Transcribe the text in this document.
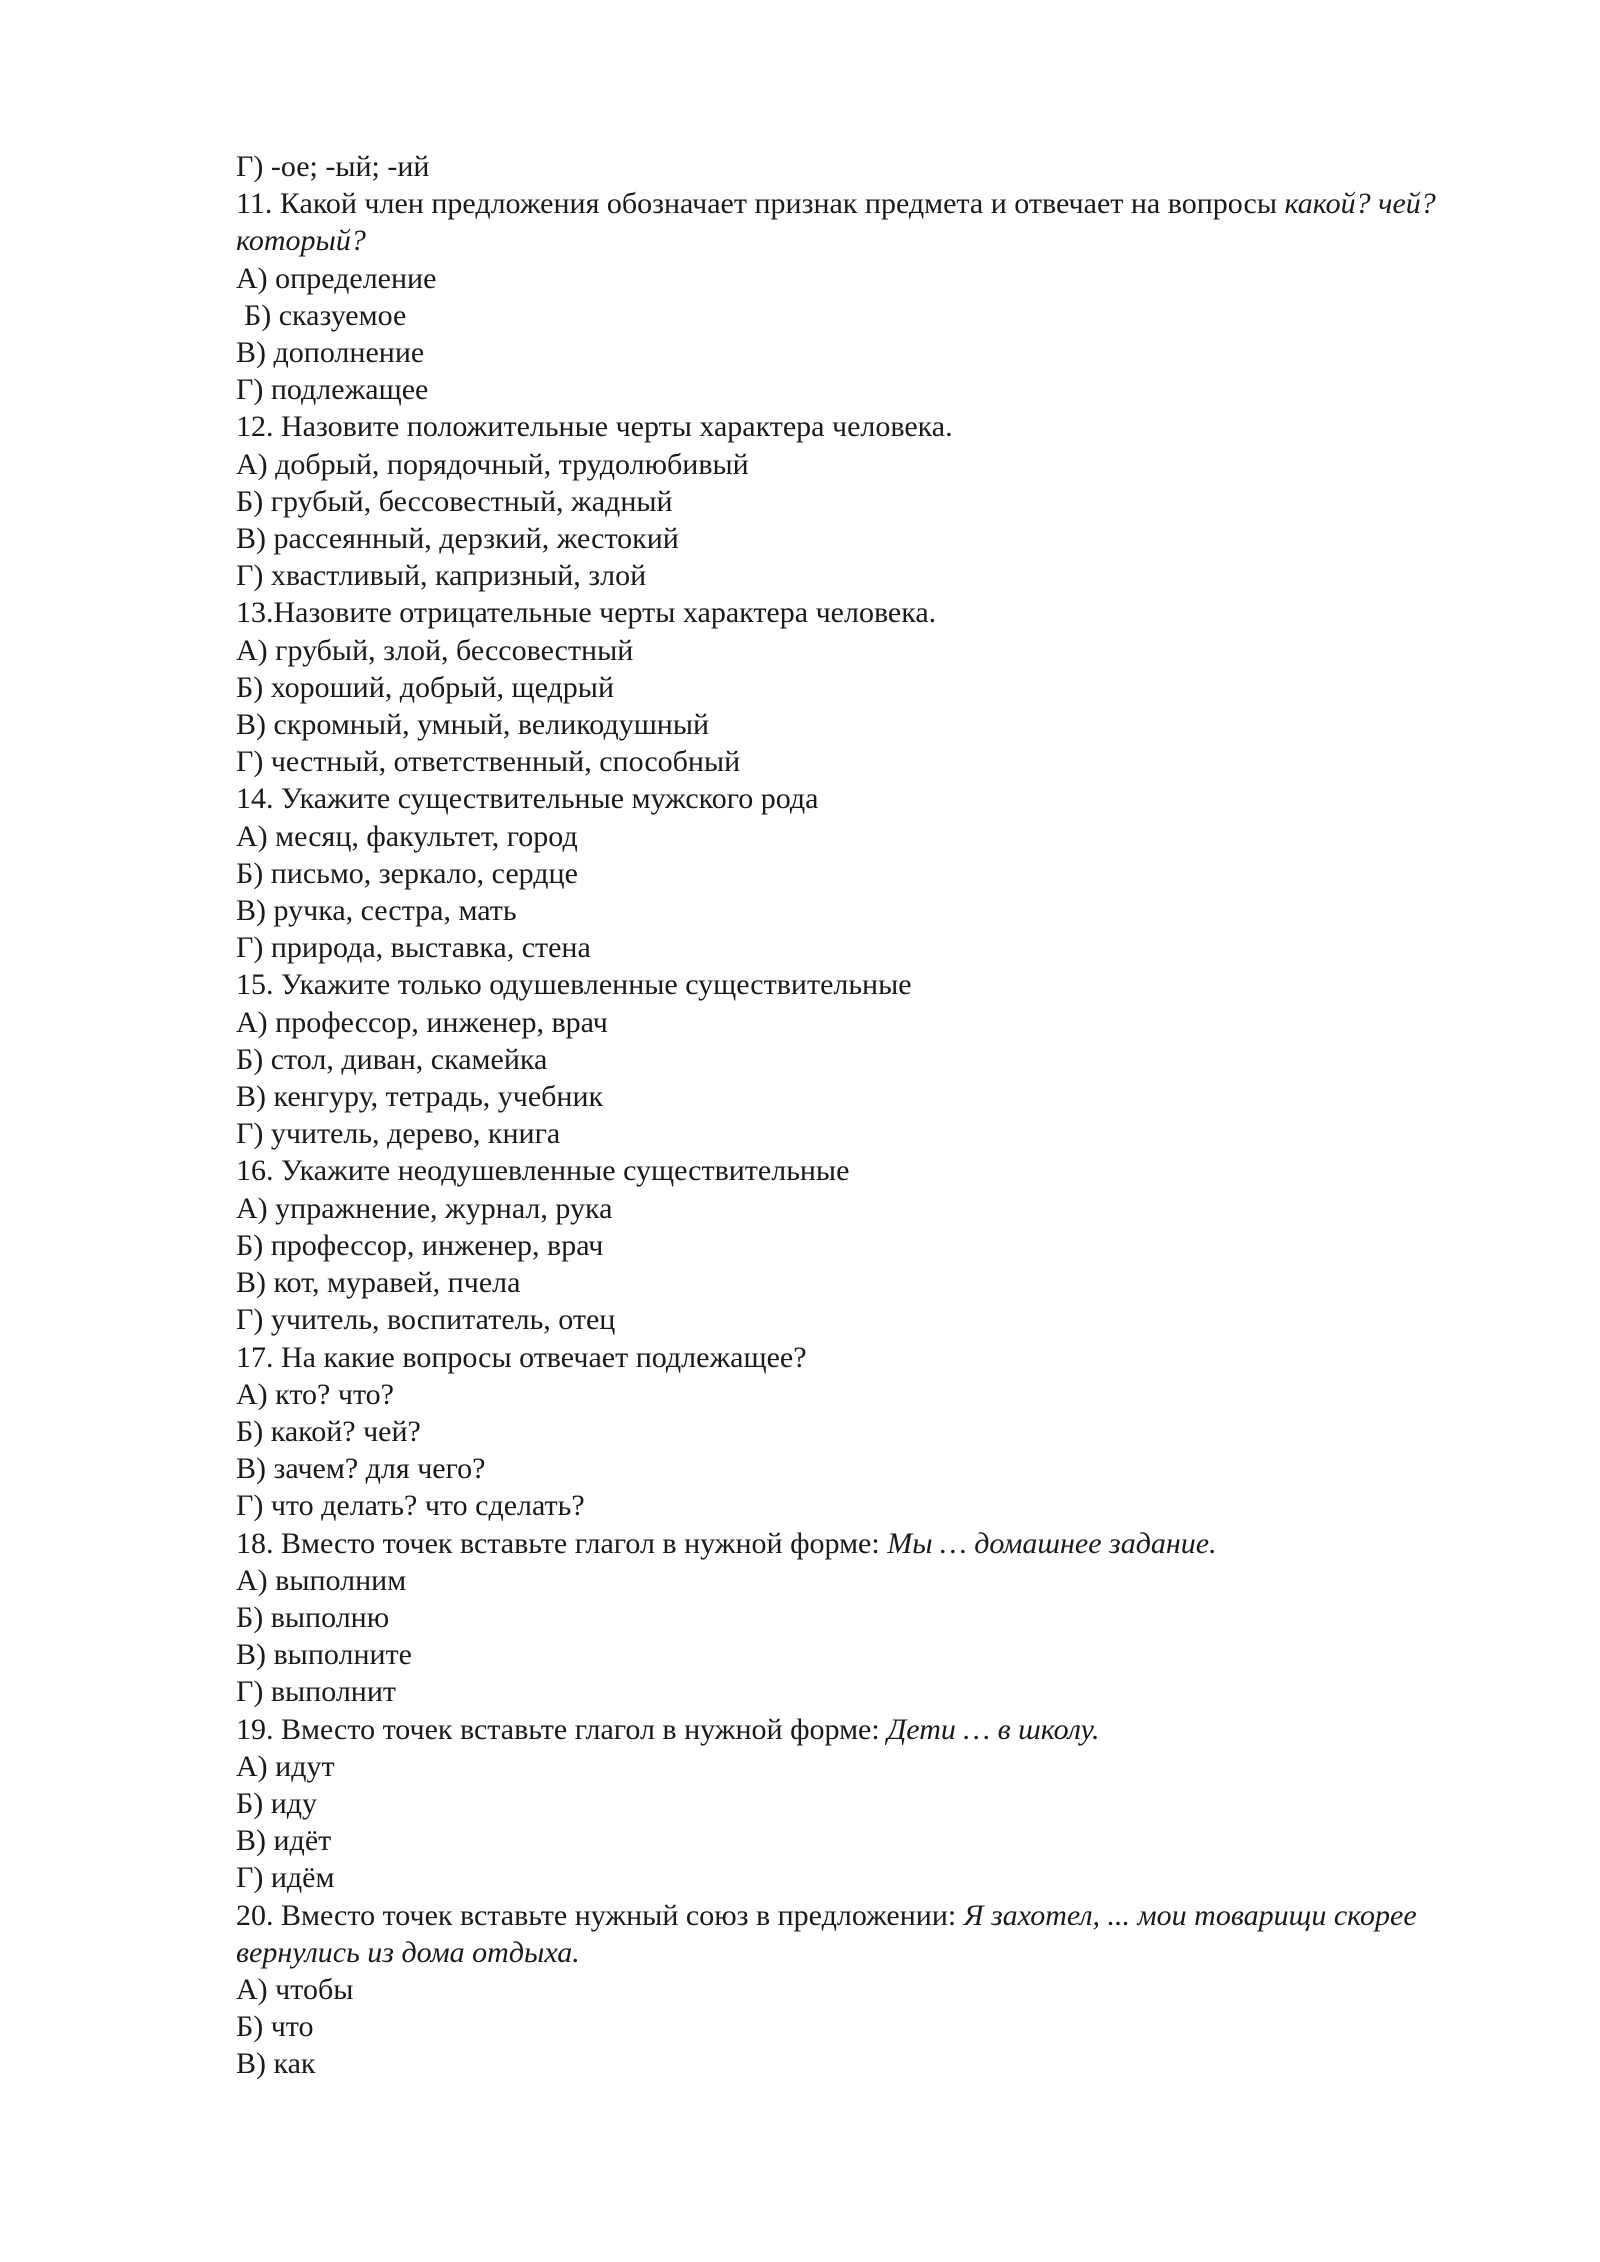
Г) -ое; -ый; -ий
11. Какой член предложения обозначает признак предмета и отвечает на вопросы какой? чей? который?
А) определение
Б) сказуемое
В) дополнение
Г) подлежащее
12. Назовите положительные черты характера человека.
А) добрый, порядочный, трудолюбивый
Б) грубый, бессовестный, жадный
В) рассеянный, дерзкий, жестокий
Г) хвастливый, капризный, злой
13.Назовите отрицательные черты характера человека.
А) грубый, злой, бессовестный
Б) хороший, добрый, щедрый
В) скромный, умный, великодушный
Г) честный, ответственный, способный
14. Укажите существительные мужского рода
А) месяц, факультет, город
Б) письмо, зеркало, сердце
В) ручка, сестра, мать
Г) природа, выставка, стена
15. Укажите только одушевленные существительные
А) профессор, инженер, врач
Б) стол, диван, скамейка
В) кенгуру, тетрадь, учебник
Г) учитель, дерево, книга
16. Укажите неодушевленные существительные
А) упражнение, журнал, рука
Б) профессор, инженер, врач
В) кот, муравей, пчела
Г) учитель, воспитатель, отец
17. На какие вопросы отвечает подлежащее?
А) кто? что?
Б) какой? чей?
В) зачем? для чего?
Г) что делать? что сделать?
18. Вместо точек вставьте глагол в нужной форме: Мы … домашнее задание.
А) выполним
Б) выполню
В) выполните
Г) выполнит
19. Вместо точек вставьте глагол в нужной форме: Дети … в школу.
А) идут
Б) иду
В) идёт
Г) идём
20. Вместо точек вставьте нужный союз в предложении: Я захотел, ... мои товарищи скорее вернулись из дома отдыха.
А) чтобы
Б) что
В) как
